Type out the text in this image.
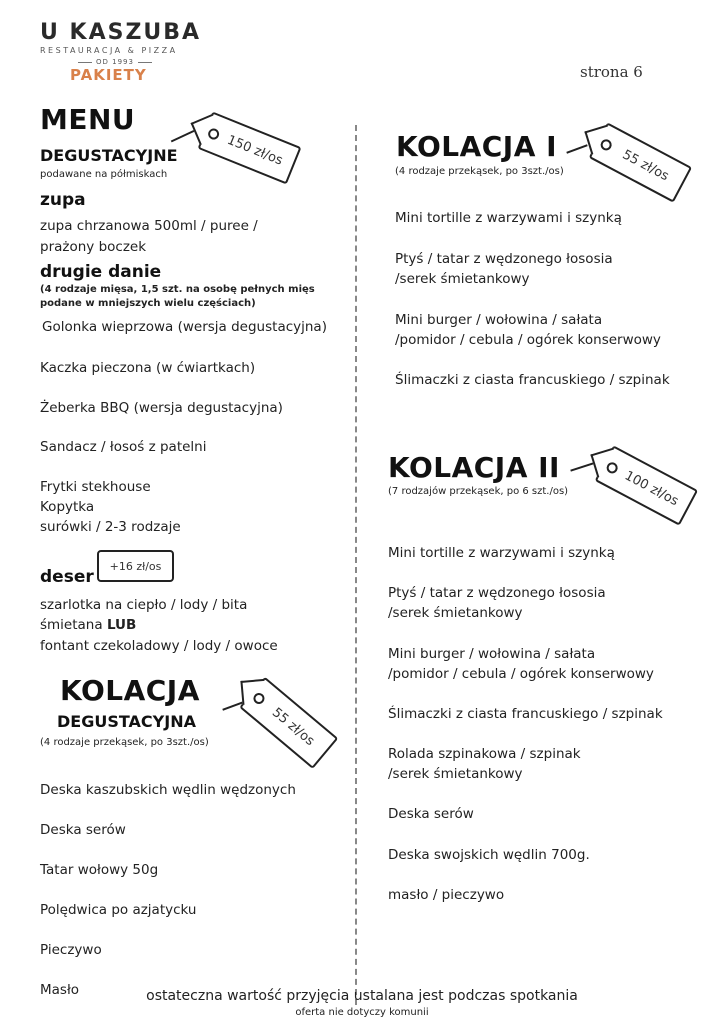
U KASZUBA
RESTAURACJA & PIZZA
OD 1993
PAKIETY	strona 6
MENU
DEGUSTACYJNE
podawane na półmiskach
150 zł/os
zupa
zupa chrzanowa 500ml / puree /
prażony boczek
drugie danie
(4 rodzaje mięsa, 1,5 szt. na osobę pełnych mięs
podane w mniejszych wielu częściach)
Golonka wieprzowa (wersja degustacyjna)
Kaczka pieczona (w ćwiartkach)
Żeberka BBQ (wersja degustacyjna)
Sandacz / łosoś z patelni
Frytki stekhouse
Kopytka
surówki / 2-3 rodzaje
deser
+16 zł/os
szarlotka na ciepło / lody / bita
śmietana LUB
fontant czekoladowy / lody / owoce
KOLACJA
DEGUSTACYJNA
(4 rodzaje przekąsek, po 3szt./os)	55 zł/os
Deska kaszubskich wędlin wędzonych
Deska serów
Tatar wołowy 50g
Polędwica po azjatycku
Pieczywo
Masło
KOLACJA I
(4 rodzaje przekąsek, po 3szt./os)	55 zł/os
Mini tortille z warzywami i szynką
Ptyś / tatar z wędzonego łososia
/serek śmietankowy
Mini burger / wołowina / sałata
/pomidor / cebula / ogórek konserwowy
Ślimaczki z ciasta francuskiego / szpinak
KOLACJA II
(7 rodzajów przekąsek, po 6 szt./os)	100 zł/os
Mini tortille z warzywami i szynką
Ptyś / tatar z wędzonego łososia
/serek śmietankowy
Mini burger / wołowina / sałata
/pomidor / cebula / ogórek konserwowy
Ślimaczki z ciasta francuskiego / szpinak
Rolada szpinakowa / szpinak
/serek śmietankowy
Deska serów
Deska swojskich wędlin 700g.
masło / pieczywo
ostateczna wartość przyjęcia ustalana jest podczas spotkania
oferta nie dotyczy komunii
